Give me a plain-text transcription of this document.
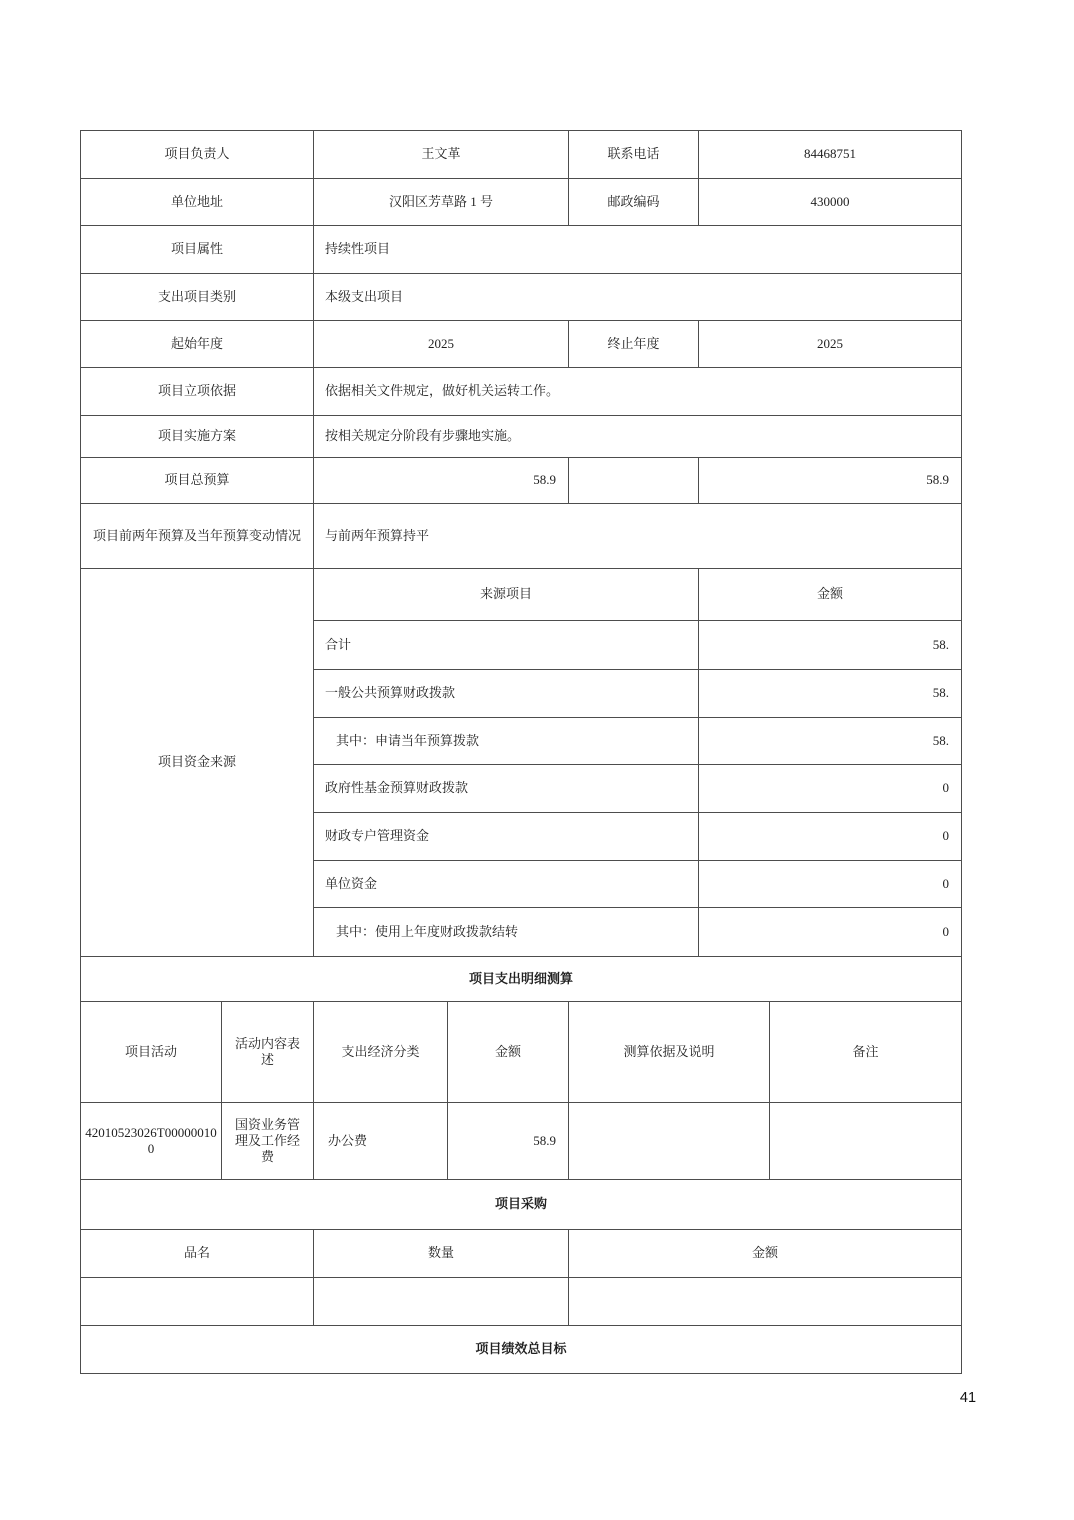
项目负责人		王文革		联系电话	84468751	
单位地址		汉阳区芳草路 1 号		邮政编码	430000	
项目属性		持续性项目				
支出项目类别		本级支出项目				
起始年度		2025		终止年度	2025	
项目立项依据		依据相关文件规定，做好机关运转工作。				
项目实施方案		按相关规定分阶段有步骤地实施。				
项目总预算		58.9			58.9	
项目前两年预算及当年预算变动情况		与前两年预算持平				
项目资金来源		来源项目			金额	
		合计			58.	
		一般公共预算财政拨款			58.	
		其中：申请当年预算拨款			58.	
		政府性基金预算财政拨款			0	
		财政专户管理资金			0	
		单位资金			0	
		其中：使用上年度财政拨款结转			0	
项目支出明细测算						
项目活动	活动内容表述	支出经济分类	金额	测算依据及说明		备注
42010523026T000000100	国资业务管理及工作经费	办公费	58.9			
项目采购						
品名		数量		金额		

项目绩效总目标						
41
